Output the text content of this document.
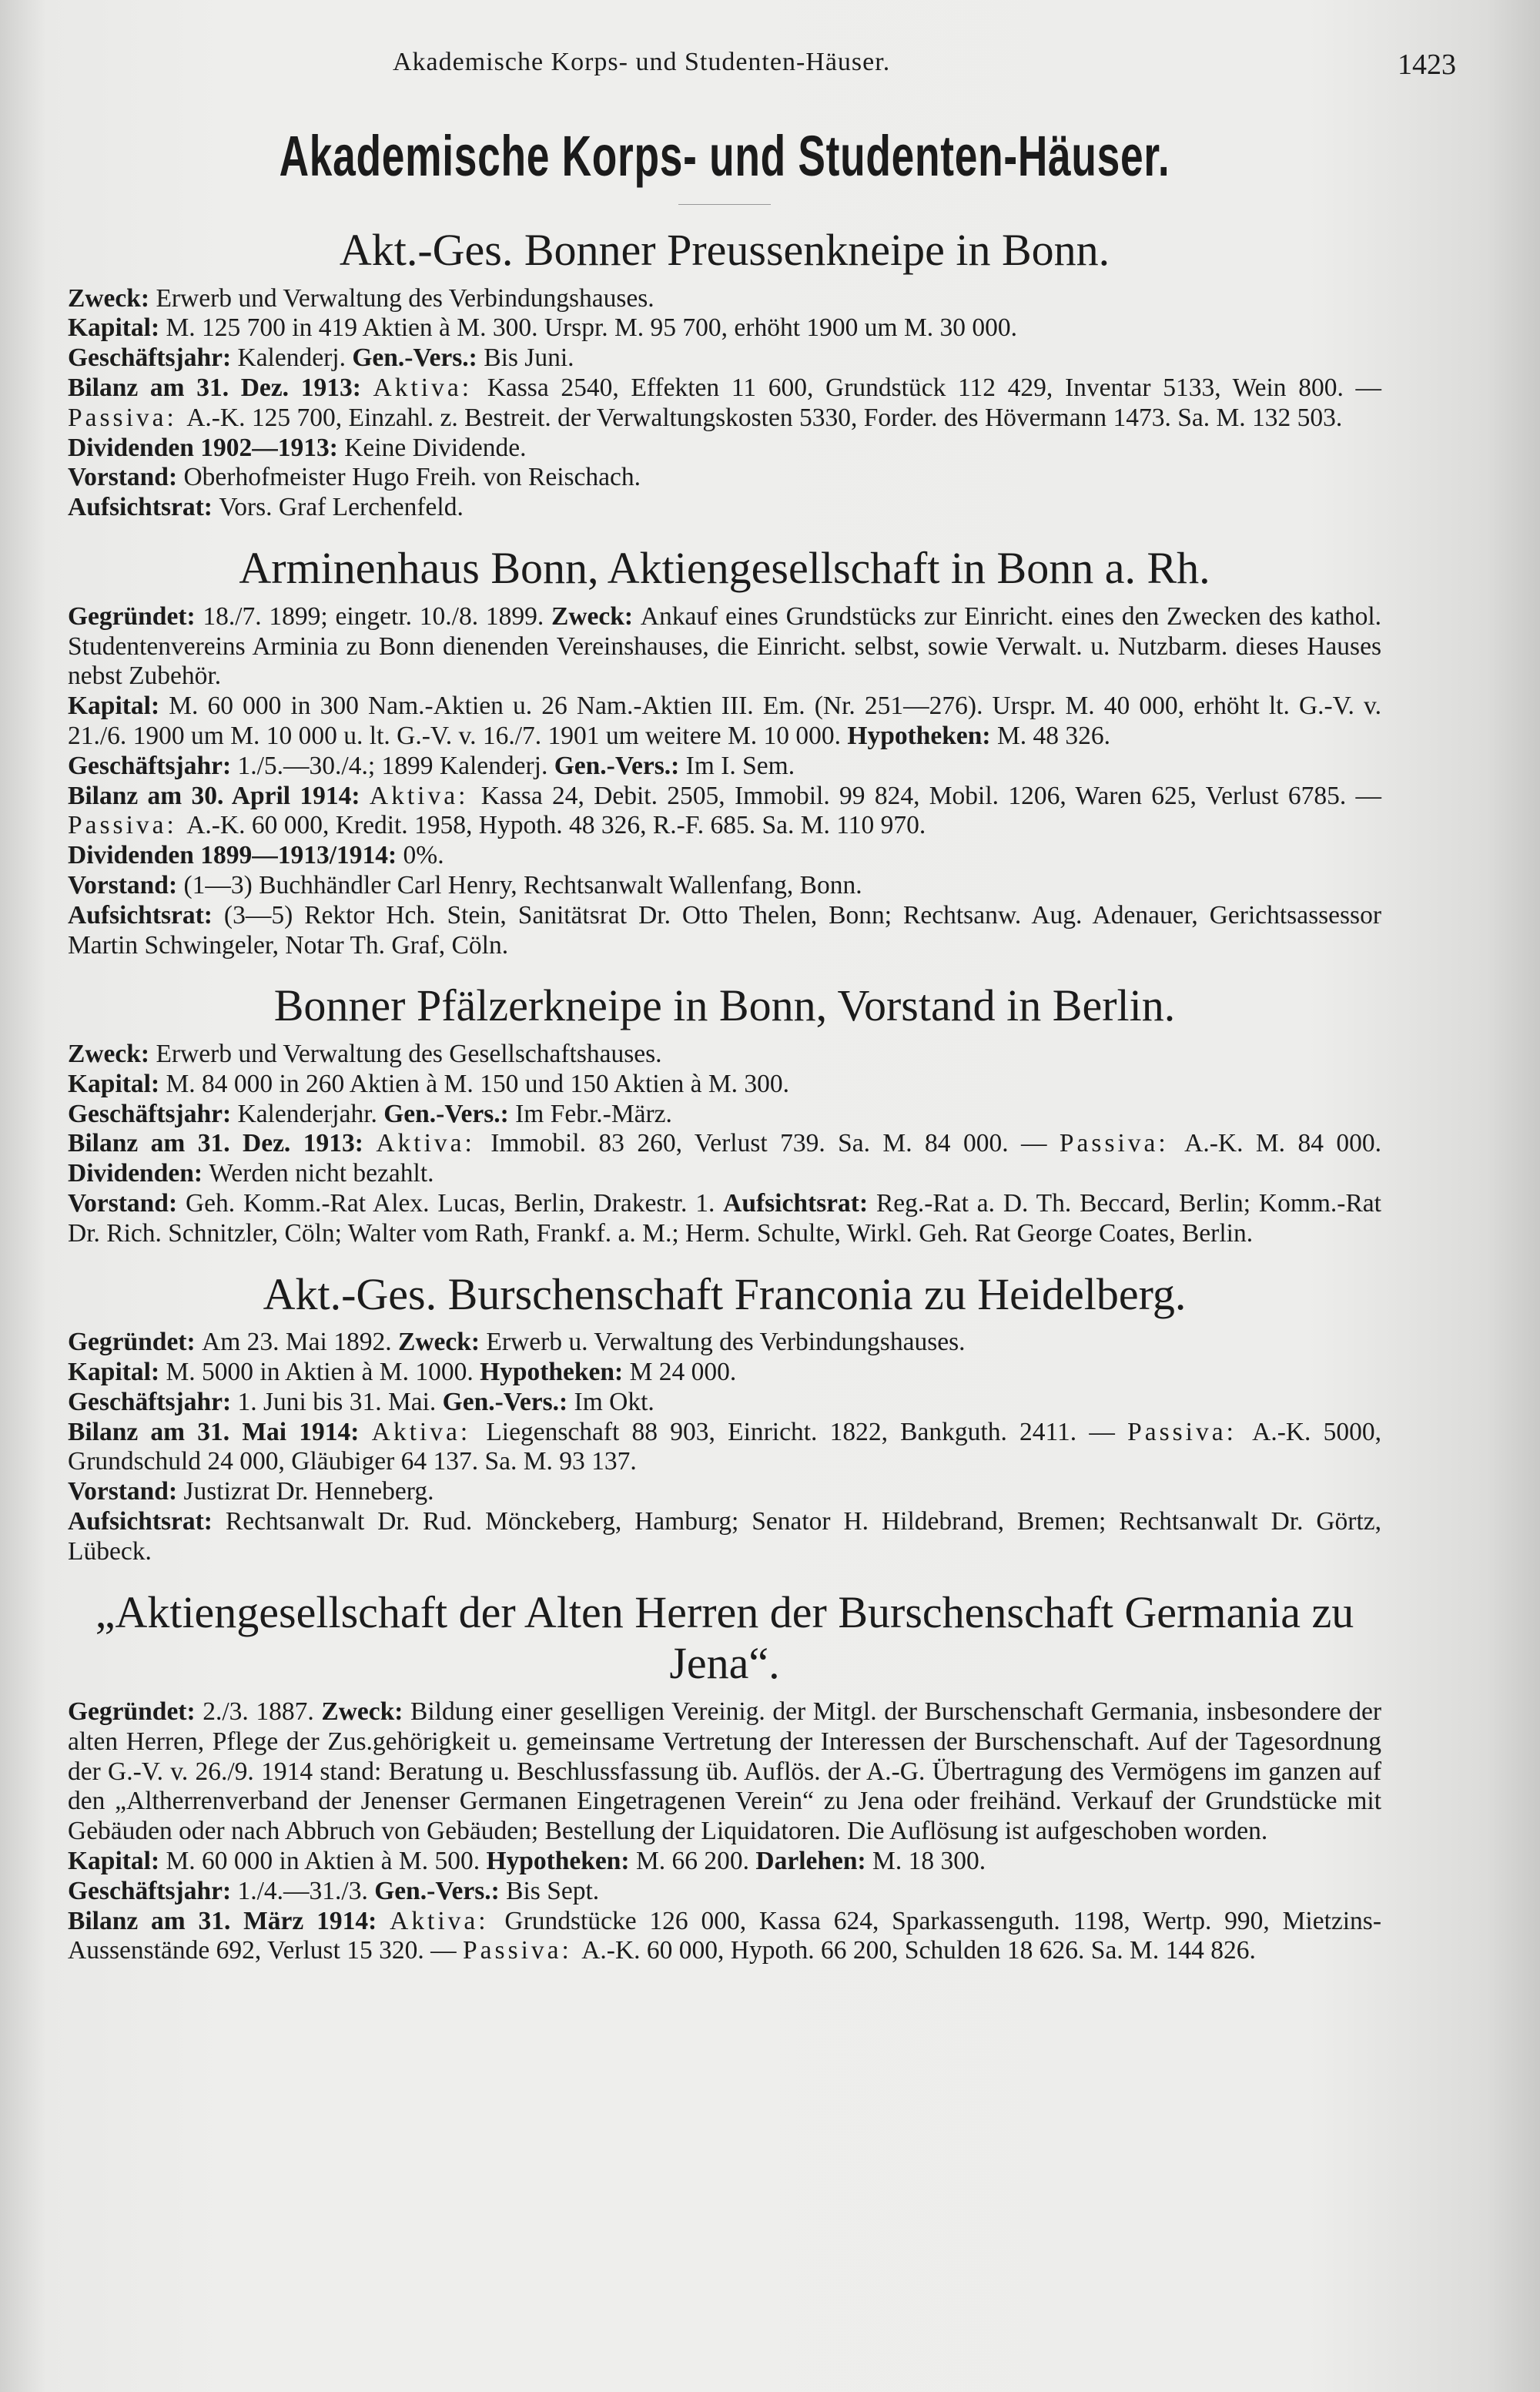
Akademische Korps- und Studenten-Häuser.	1423
Akademische Korps- und Studenten-Häuser.
Akt.-Ges. Bonner Preussenkneipe in Bonn.

Zweck: Erwerb und Verwaltung des Verbindungshauses.

Kapital: M. 125 700 in 419 Aktien à M. 300. Urspr. M. 95 700, erhöht 1900 um M. 30 000.

Geschäftsjahr: Kalenderj. Gen.-Vers.: Bis Juni.

Bilanz am 31. Dez. 1913: Aktiva: Kassa 2540, Effekten 11 600, Grundstück 112 429, Inventar 5133, Wein 800. — Passiva: A.-K. 125 700, Einzahl. z. Bestreit. der Verwaltungskosten 5330, Forder. des Hövermann 1473. Sa. M. 132 503.

Dividenden 1902—1913: Keine Dividende.

Vorstand: Oberhofmeister Hugo Freih. von Reischach.

Aufsichtsrat: Vors. Graf Lerchenfeld.

Arminenhaus Bonn, Aktiengesellschaft in Bonn a. Rh.

Gegründet: 18./7. 1899; eingetr. 10./8. 1899. Zweck: Ankauf eines Grundstücks zur Einricht. eines den Zwecken des kathol. Studentenvereins Arminia zu Bonn dienenden Vereinshauses, die Einricht. selbst, sowie Verwalt. u. Nutzbarm. dieses Hauses nebst Zubehör.

Kapital: M. 60 000 in 300 Nam.-Aktien u. 26 Nam.-Aktien III. Em. (Nr. 251—276). Urspr. M. 40 000, erhöht lt. G.-V. v. 21./6. 1900 um M. 10 000 u. lt. G.-V. v. 16./7. 1901 um weitere M. 10 000. Hypotheken: M. 48 326.

Geschäftsjahr: 1./5.—30./4.; 1899 Kalenderj. Gen.-Vers.: Im I. Sem.

Bilanz am 30. April 1914: Aktiva: Kassa 24, Debit. 2505, Immobil. 99 824, Mobil. 1206, Waren 625, Verlust 6785. — Passiva: A.-K. 60 000, Kredit. 1958, Hypoth. 48 326, R.-F. 685. Sa. M. 110 970.

Dividenden 1899—1913/1914: 0%.

Vorstand: (1—3) Buchhändler Carl Henry, Rechtsanwalt Wallenfang, Bonn.

Aufsichtsrat: (3—5) Rektor Hch. Stein, Sanitätsrat Dr. Otto Thelen, Bonn; Rechtsanw. Aug. Adenauer, Gerichtsassessor Martin Schwingeler, Notar Th. Graf, Cöln.

Bonner Pfälzerkneipe in Bonn, Vorstand in Berlin.

Zweck: Erwerb und Verwaltung des Gesellschaftshauses.

Kapital: M. 84 000 in 260 Aktien à M. 150 und 150 Aktien à M. 300.

Geschäftsjahr: Kalenderjahr. Gen.-Vers.: Im Febr.-März.

Bilanz am 31. Dez. 1913: Aktiva: Immobil. 83 260, Verlust 739. Sa. M. 84 000. — Passiva: A.-K. M. 84 000. Dividenden: Werden nicht bezahlt.

Vorstand: Geh. Komm.-Rat Alex. Lucas, Berlin, Drakestr. 1. Aufsichtsrat: Reg.-Rat a. D. Th. Beccard, Berlin; Komm.-Rat Dr. Rich. Schnitzler, Cöln; Walter vom Rath, Frankf. a. M.; Herm. Schulte, Wirkl. Geh. Rat George Coates, Berlin.

Akt.-Ges. Burschenschaft Franconia zu Heidelberg.

Gegründet: Am 23. Mai 1892. Zweck: Erwerb u. Verwaltung des Verbindungshauses.

Kapital: M. 5000 in Aktien à M. 1000. Hypotheken: M 24 000.

Geschäftsjahr: 1. Juni bis 31. Mai. Gen.-Vers.: Im Okt.

Bilanz am 31. Mai 1914: Aktiva: Liegenschaft 88 903, Einricht. 1822, Bankguth. 2411. — Passiva: A.-K. 5000, Grundschuld 24 000, Gläubiger 64 137. Sa. M. 93 137.

Vorstand: Justizrat Dr. Henneberg.

Aufsichtsrat: Rechtsanwalt Dr. Rud. Mönckeberg, Hamburg; Senator H. Hildebrand, Bremen; Rechtsanwalt Dr. Görtz, Lübeck.

„Aktiengesellschaft der Alten Herren der Burschenschaft Germania zu Jena“.

Gegründet: 2./3. 1887. Zweck: Bildung einer geselligen Vereinig. der Mitgl. der Burschenschaft Germania, insbesondere der alten Herren, Pflege der Zus.gehörigkeit u. gemeinsame Vertretung der Interessen der Burschenschaft. Auf der Tagesordnung der G.-V. v. 26./9. 1914 stand: Beratung u. Beschlussfassung üb. Auflös. der A.-G. Übertragung des Vermögens im ganzen auf den „Altherrenverband der Jenenser Germanen Eingetragenen Verein“ zu Jena oder freihänd. Verkauf der Grundstücke mit Gebäuden oder nach Abbruch von Gebäuden; Bestellung der Liquidatoren. Die Auflösung ist aufgeschoben worden.

Kapital: M. 60 000 in Aktien à M. 500. Hypotheken: M. 66 200. Darlehen: M. 18 300.

Geschäftsjahr: 1./4.—31./3. Gen.-Vers.: Bis Sept.

Bilanz am 31. März 1914: Aktiva: Grundstücke 126 000, Kassa 624, Sparkassenguth. 1198, Wertp. 990, Mietzins-Aussenstände 692, Verlust 15 320. — Passiva: A.-K. 60 000, Hypoth. 66 200, Schulden 18 626. Sa. M. 144 826.
